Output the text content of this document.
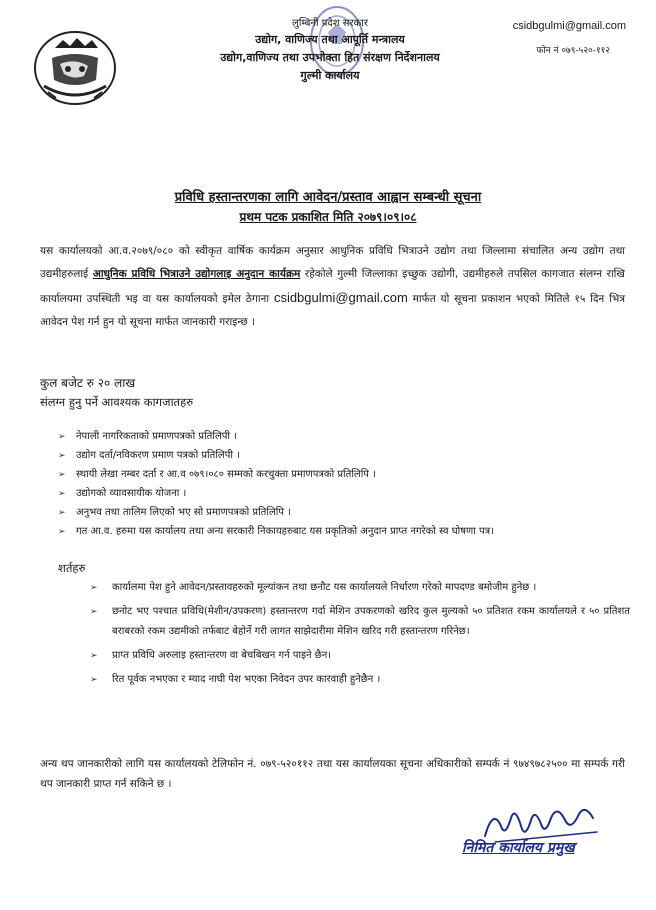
लुम्बिनी प्रदेश सरकार
उद्योग, वाणिज्य तथा आपूर्ति मन्त्रालय
उद्योग,वाणिज्य तथा उपभोक्ता हित संरक्षण निर्देशनालय
गुल्मी कार्यालय
csidbgulmi@gmail.com
फोन नं ०७९-५२०-११२
प्रविधि हस्तान्तरणका लागि आवेदन/प्रस्ताव आह्वान सम्बन्धी सूचना
प्रथम पटक प्रकाशित मिति २०७९।०९।०८
यस कार्यालयको आ.व.२०७९/०८० को स्वीकृत वार्षिक कार्यक्रम अनुसार आधुनिक प्रविधि भित्राउने उद्योग तथा जिल्लामा संचालित अन्य उद्योग तथा उद्यमीहरुलाई आधुनिक प्रविधि भित्राउने उद्योगलाइ अनुदान कार्यक्रम रहेकोले गुल्मी जिल्लाका इच्छुक उद्योगी, उद्यमीहरुले तपसिल कागजात संलग्न राखि कार्यालयमा उपस्थिती भइ वा यस कार्यालयको इमेल ठेगाना csidbgulmi@gmail.com मार्फत यो सूचना प्रकाशन भएको मितिले १५ दिन भित्र आवेदन पेश गर्न हुन यो सूचना मार्फत जानकारी गराइन्छ ।
कुल बजेट रु २० लाख
संलग्न हुनु पर्ने आवश्यक कागजातहरु
➢ नेपाली नागरिकताको प्रमाणपत्रको प्रतिलिपी ।
➢ उद्योग दर्ता/नविकरण प्रमाण पत्रको प्रतिलिपी ।
➢ स्थायी लेखा नम्बर दर्ता र आ.व ०७९।०८० सम्मको करचुक्ता प्रमाणपत्रको प्रतिलिपि ।
➢ उद्योगको व्यावसायीक योजना ।
➢ अनुभव तथा तालिम लिएको भए सो प्रमाणपत्रको प्रतिलिपि ।
➢ गत आ.व. हरुमा यस कार्यालय तथा अन्य सरकारी निकायहरुबाट यस प्रकृतिको अनुदान प्राप्त नगरेको स्व घोषणा पत्र।
शर्तहरु
➢	कार्यालमा पेश हुने आवेदन/प्रस्तावहरुको मूल्यांकन तथा छनौट यस कार्यालयले निर्धारण गरेको मापदण्ड बमोजीम हुनेछ ।
➢	छनोट भए पश्चात प्रविधि(मेशीन/उपकरण) हस्तान्तरण गर्दा मेशिन उपकरणको खरिद कुल मुल्यको ५० प्रतिशत रकम कार्यालयले र ५० प्रतिशत बराबरको रकम उद्यमीको तर्फबाट बेहोर्ने गरी लागत साझेदारीमा मेशिन खरिद गरी हस्तान्तरण गरिनेछ।
➢	प्राप्त प्रविधि अरुलाइ हस्तान्तरण वा बेचबिखन गर्न पाइने छैन।
➢	रित पूर्वक नभएका र म्याद नाघी पेश भएका निवेदन उपर कारवाही हुनेछैन ।
अन्य थप जानकारीको लागि यस कार्यालयको टेलिफोन नं. ०७९-५२०११२ तथा यस कार्यालयका सूचना अधिकारीको सम्पर्क नं ९७४९७८२५०० मा सम्पर्क गरी थप जानकारी प्राप्त गर्न सकिने छ ।
निमित कार्यालय प्रमुख
